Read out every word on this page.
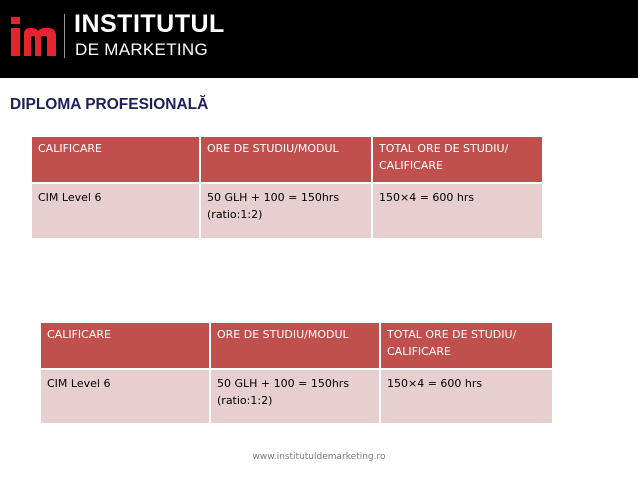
INSTITUTUL
DE MARKETING
DIPLOMA PROFESIONALĂ
CALIFICARE	ORE DE STUDIU/MODUL	TOTAL ORE DE STUDIU/ CALIFICARE
CIM Level 6	50 GLH + 100 = 150hrs (ratio:1:2)	150×4 = 600 hrs
CALIFICARE	ORE DE STUDIU/MODUL	TOTAL ORE DE STUDIU/ CALIFICARE
CIM Level 6	50 GLH + 100 = 150hrs (ratio:1:2)	150×4 = 600 hrs
www.institutuldemarketing.ro
